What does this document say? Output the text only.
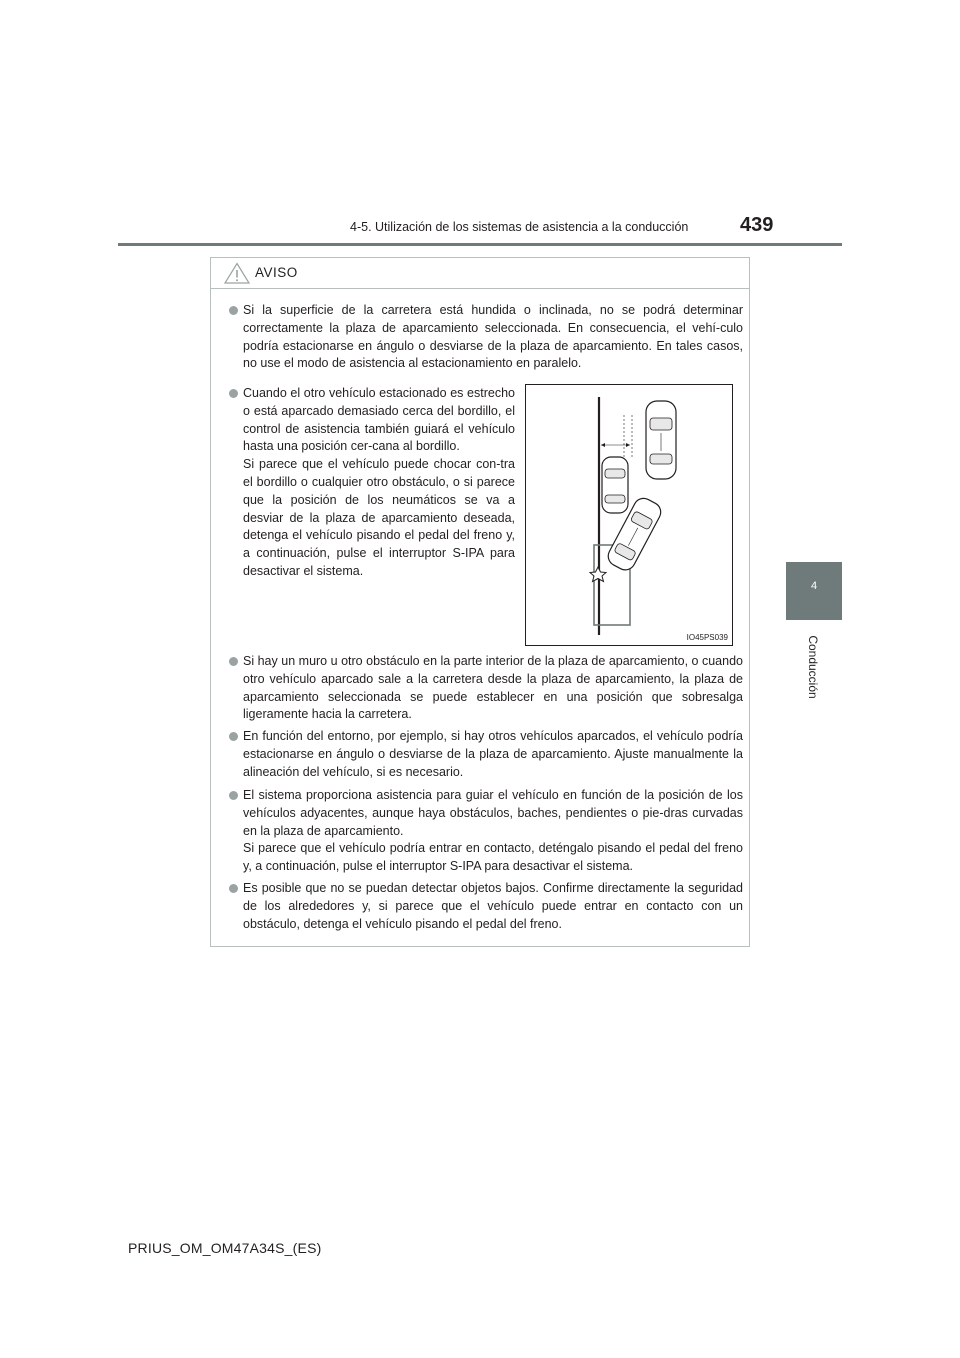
4-5. Utilización de los sistemas de asistencia a la conducción	439
4
Conducción
AVISO

Si la superficie de la carretera está hundida o inclinada, no se podrá determinar correctamente la plaza de aparcamiento seleccionada. En consecuencia, el vehí-culo podría estacionarse en ángulo o desviarse de la plaza de aparcamiento. En tales casos, no use el modo de asistencia al estacionamiento en paralelo.

Cuando el otro vehículo estacionado es estrecho o está aparcado demasiado cerca del bordillo, el control de asistencia también guiará el vehículo hasta una posición cer-cana al bordillo.

Si parece que el vehículo puede chocar con-tra el bordillo o cualquier otro obstáculo, o si parece que la posición de los neumáticos se va a desviar de la plaza de aparcamiento deseada, detenga el vehículo pisando el pedal del freno y, a continuación, pulse el interruptor S-IPA para desactivar el sistema.

IO45PS039

Si hay un muro u otro obstáculo en la parte interior de la plaza de aparcamiento, o cuando otro vehículo aparcado sale a la carretera desde la plaza de aparcamiento, la plaza de aparcamiento seleccionada se puede establecer en una posición que sobresalga ligeramente hacia la carretera.

En función del entorno, por ejemplo, si hay otros vehículos aparcados, el vehículo podría estacionarse en ángulo o desviarse de la plaza de aparcamiento. Ajuste manualmente la alineación del vehículo, si es necesario.

El sistema proporciona asistencia para guiar el vehículo en función de la posición de los vehículos adyacentes, aunque haya obstáculos, baches, pendientes o pie-dras curvadas en la plaza de aparcamiento.

Si parece que el vehículo podría entrar en contacto, deténgalo pisando el pedal del freno y, a continuación, pulse el interruptor S-IPA para desactivar el sistema.

Es posible que no se puedan detectar objetos bajos. Confirme directamente la seguridad de los alrededores y, si parece que el vehículo puede entrar en contacto con un obstáculo, detenga el vehículo pisando el pedal del freno.

PRIUS_OM_OM47A34S_(ES)
